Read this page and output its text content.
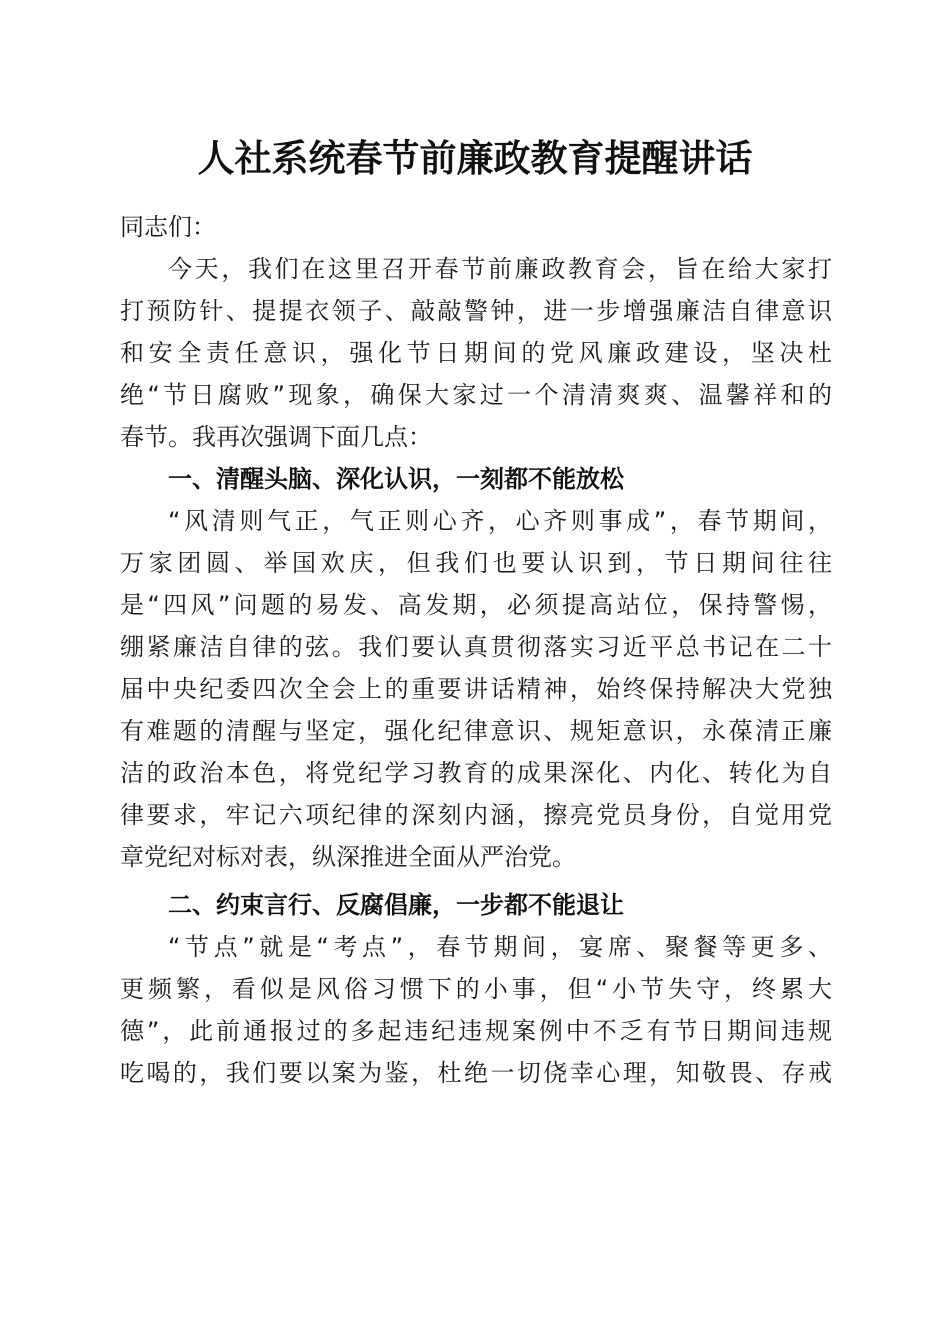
人社系统春节前廉政教育提醒讲话
同志们：
今天，我们在这里召开春节前廉政教育会，旨在给大家打
打预防针、提提衣领子、敲敲警钟，进一步增强廉洁自律意识
和安全责任意识，强化节日期间的党风廉政建设，坚决杜
绝“节日腐败”现象，确保大家过一个清清爽爽、温馨祥和的
春节。我再次强调下面几点：
一、清醒头脑、深化认识，一刻都不能放松
“风清则气正，气正则心齐，心齐则事成”，春节期间，
万家团圆、举国欢庆，但我们也要认识到，节日期间往往
是“四风”问题的易发、高发期，必须提高站位，保持警惕，
绷紧廉洁自律的弦。我们要认真贯彻落实习近平总书记在二十
届中央纪委四次全会上的重要讲话精神，始终保持解决大党独
有难题的清醒与坚定，强化纪律意识、规矩意识，永葆清正廉
洁的政治本色，将党纪学习教育的成果深化、内化、转化为自
律要求，牢记六项纪律的深刻内涵，擦亮党员身份，自觉用党
章党纪对标对表，纵深推进全面从严治党。
二、约束言行、反腐倡廉，一步都不能退让
“节点”就是“考点”，春节期间，宴席、聚餐等更多、
更频繁，看似是风俗习惯下的小事，但“小节失守，终累大
德”，此前通报过的多起违纪违规案例中不乏有节日期间违规
吃喝的，我们要以案为鉴，杜绝一切侥幸心理，知敬畏、存戒
